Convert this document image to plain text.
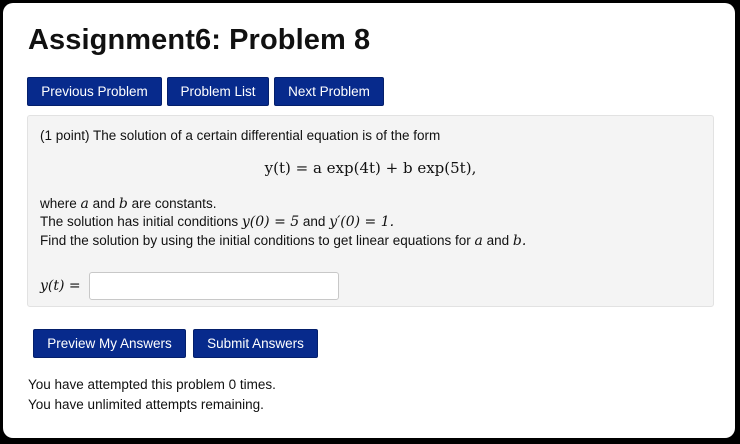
Assignment6: Problem 8
Previous Problem	Problem List	Next Problem
(1 point) The solution of a certain differential equation is of the form
y(t) = a exp(4t) + b exp(5t),
where a and b are constants.
The solution has initial conditions y(0) = 5 and y′(0) = 1.
Find the solution by using the initial conditions to get linear equations for a and b.
y(t) =
Preview My Answers	Submit Answers
You have attempted this problem 0 times.
You have unlimited attempts remaining.
